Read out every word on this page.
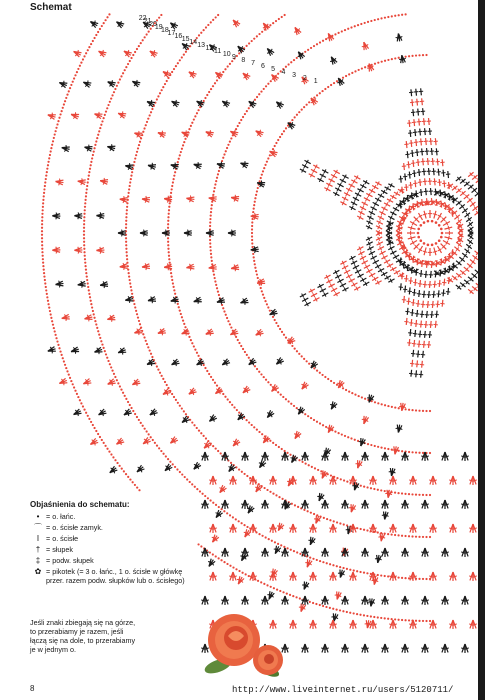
1
2
3
4
5
6
7
8
9
10
11
12
13
14
15
16
17
18
19
20
21
22
Schemat
Objaśnienia do schematu:
• = o. łańc.
⌒ = o. ścisłe zamyk.
I = o. ścisłe
† = słupek
‡ = podw. słupek
✿ = pikotek (= 3 o. łańc., 1 o. ścisłe w główkę przer. razem podw. słupków lub o. ścisłego)
Jeśli znaki zbiegają się na górze, to przerabiamy je razem, jeśli łączą się na dole, to przerabiamy je w jednym o.
8	http://www.liveinternet.ru/users/5120711/
